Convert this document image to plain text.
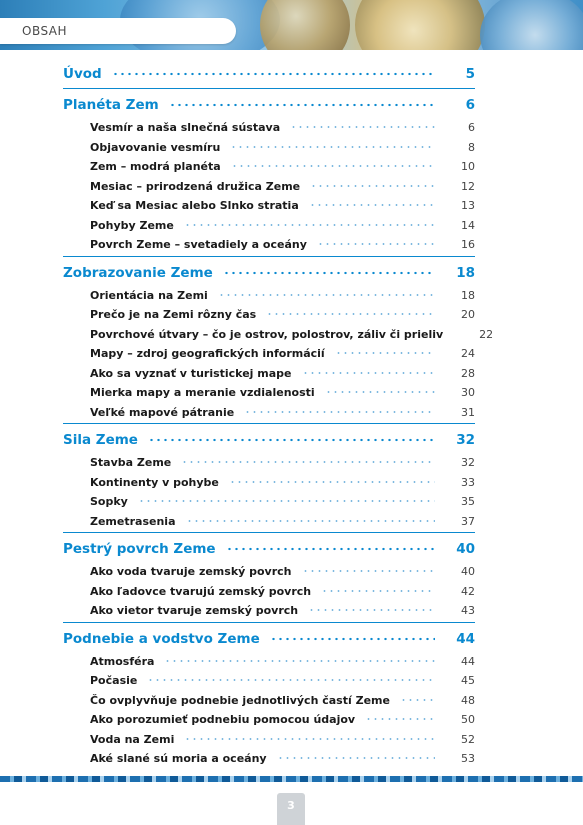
OBSAH
Úvod	5
Planéta Zem	6
Vesmír a naša slnečná sústava	6
Objavovanie vesmíru	8
Zem – modrá planéta	10
Mesiac – prirodzená družica Zeme	12
Keď sa Mesiac alebo Slnko stratia	13
Pohyby Zeme	14
Povrch Zeme – svetadiely a oceány	16
Zobrazovanie Zeme	18
Orientácia na Zemi	18
Prečo je na Zemi rôzny čas	20
Povrchové útvary – čo je ostrov, polostrov, záliv či prieliv	22
Mapy – zdroj geografických informácií	24
Ako sa vyznať v turistickej mape	28
Mierka mapy a meranie vzdialenosti	30
Veľké mapové pátranie	31
Sila Zeme	32
Stavba Zeme	32
Kontinenty v pohybe	33
Sopky	35
Zemetrasenia	37
Pestrý povrch Zeme	40
Ako voda tvaruje zemský povrch	40
Ako ľadovce tvarujú zemský povrch	42
Ako vietor tvaruje zemský povrch	43
Podnebie a vodstvo Zeme	44
Atmosféra	44
Počasie	45
Čo ovplyvňuje podnebie jednotlivých častí Zeme	48
Ako porozumieť podnebiu pomocou údajov	50
Voda na Zemi	52
Aké slané sú moria a oceány	53
3
